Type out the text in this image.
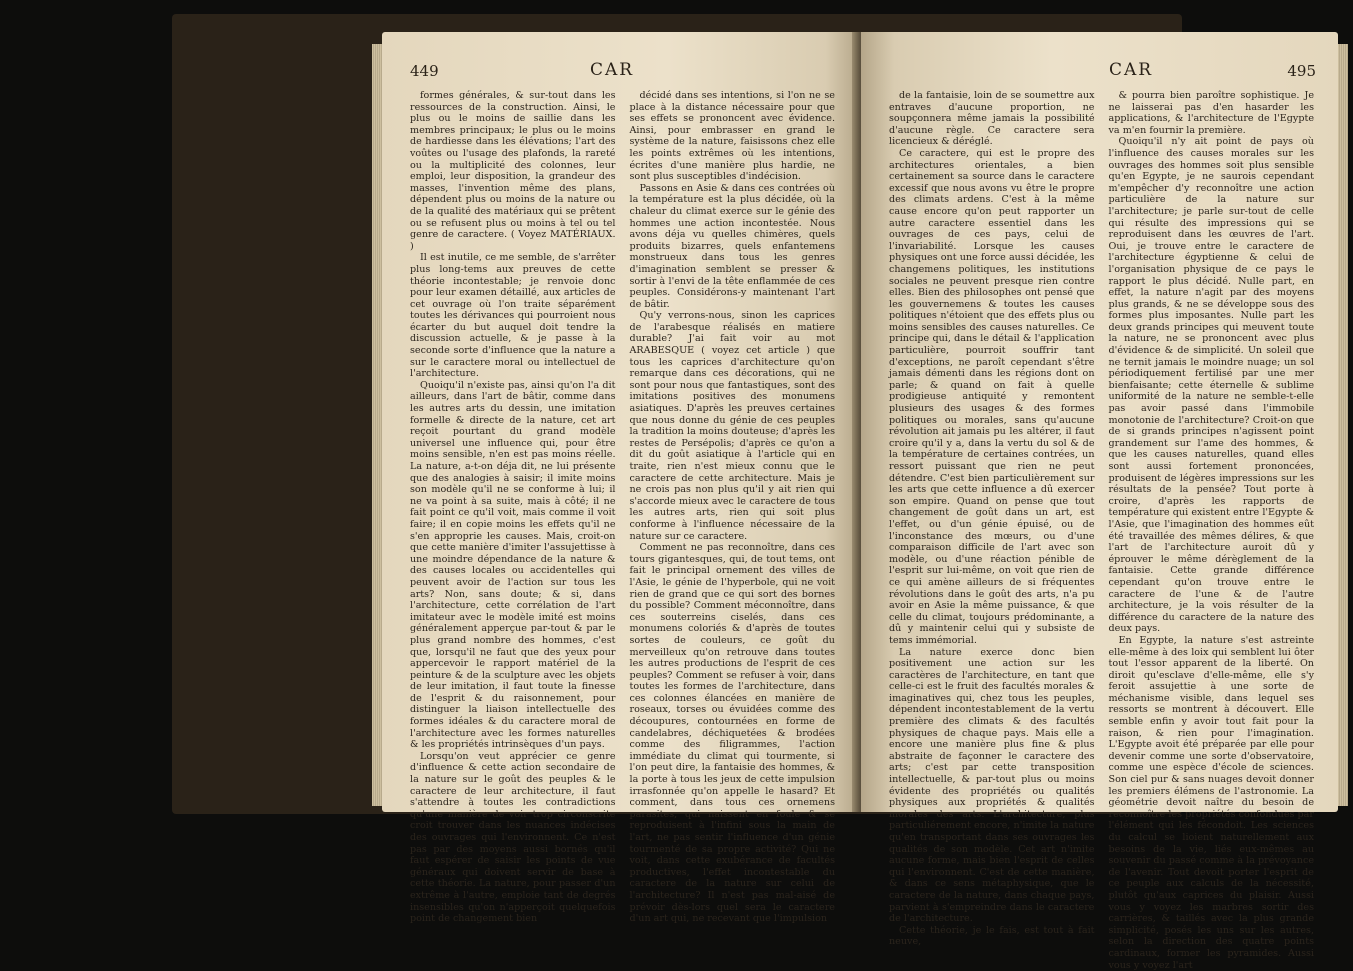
449	CAR

formes générales, & sur-tout dans les ressources de la construction. Ainsi, le plus ou le moins de saillie dans les membres principaux; le plus ou le moins de hardiesse dans les élévations; l'art des voûtes ou l'usage des plafonds, la rareté ou la multiplicité des colonnes, leur emploi, leur disposition, la grandeur des masses, l'invention même des plans, dépendent plus ou moins de la nature ou de la qualité des matériaux qui se prêtent ou se refusent plus ou moins à tel ou tel genre de caractere. ( Voyez MATÉRIAUX. )

Il est inutile, ce me semble, de s'arrêter plus long-tems aux preuves de cette théorie incontestable; je renvoie donc pour leur examen détaillé, aux articles de cet ouvrage où l'on traite séparément toutes les dérivances qui pourroient nous écarter du but auquel doit tendre la discussion actuelle, & je passe à la seconde sorte d'influence que la nature a sur le caractere moral ou intellectuel de l'architecture.

Quoiqu'il n'existe pas, ainsi qu'on l'a dit ailleurs, dans l'art de bâtir, comme dans les autres arts du dessin, une imitation formelle & directe de la nature, cet art reçoit pourtant du grand modèle universel une influence qui, pour être moins sensible, n'en est pas moins réelle. La nature, a-t-on déja dit, ne lui présente que des analogies à saisir; il imite moins son modèle qu'il ne se conforme à lui; il ne va point à sa suite, mais à côté; il ne fait point ce qu'il voit, mais comme il voit faire; il en copie moins les effets qu'il ne s'en approprie les causes. Mais, croit-on que cette manière d'imiter l'assujettisse à une moindre dépendance de la nature & des causes locales ou accidentelles qui peuvent avoir de l'action sur tous les arts? Non, sans doute; & si, dans l'architecture, cette corrélation de l'art imitateur avec le modèle imité est moins généralement apperçue par-tout & par le plus grand nombre des hommes, c'est que, lorsqu'il ne faut que des yeux pour appercevoir le rapport matériel de la peinture & de la sculpture avec les objets de leur imitation, il faut toute la finesse de l'esprit & du raisonnement, pour distinguer la liaison intellectuelle des formes idéales & du caractere moral de l'architecture avec les formes naturelles & les propriétés intrinsèques d'un pays.

Lorsqu'on veut apprécier ce genre d'influence & cette action secondaire de la nature sur le goût des peuples & le caractere de leur architecture, il faut s'attendre à toutes les contradictions qu'une manière de voir trop circonscrite croit trouver dans les nuances indécises des ouvrages qui l'environnent. Ce n'est pas par des moyens aussi bornés qu'il faut espérer de saisir les points de vue généraux qui doivent servir de base à cette théorie. La nature, pour passer d'un extrême à l'autre, emploie tant de degrés insensibles qu'on n'apperçoit quelquefois point de changement bien

décidé dans ses intentions, si l'on ne se place à la distance nécessaire pour que ses effets se prononcent avec évidence. Ainsi, pour embrasser en grand le système de la nature, faisissons chez elle les points extrêmes où les intentions, écrites d'une manière plus hardie, ne sont plus susceptibles d'indécision.

Passons en Asie & dans ces contrées où la température est la plus décidée, où la chaleur du climat exerce sur le génie des hommes une action incontestée. Nous avons déja vu quelles chimères, quels produits bizarres, quels enfantemens monstrueux dans tous les genres d'imagination semblent se presser & sortir à l'envi de la tête enflammée de ces peuples. Considérons-y maintenant l'art de bâtir.

Qu'y verrons-nous, sinon les caprices de l'arabesque réalisés en matiere durable? J'ai fait voir au mot ARABESQUE ( voyez cet article ) que tous les caprices d'architecture qu'on remarque dans ces décorations, qui ne sont pour nous que fantastiques, sont des imitations positives des monumens asiatiques. D'après les preuves certaines que nous donne du génie de ces peuples la tradition la moins douteuse; d'après les restes de Persépolis; d'après ce qu'on a dit du goût asiatique à l'article qui en traite, rien n'est mieux connu que le caractere de cette architecture. Mais je ne crois pas non plus qu'il y ait rien qui s'accorde mieux avec le caractere de tous les autres arts, rien qui soit plus conforme à l'influence nécessaire de la nature sur ce caractere.

Comment ne pas reconnoître, dans ces tours gigantesques, qui, de tout tems, ont fait le principal ornement des villes de l'Asie, le génie de l'hyperbole, qui ne voit rien de grand que ce qui sort des bornes du possible? Comment méconnoître, dans ces souterreins ciselés, dans ces monumens coloriés & d'après de toutes sortes de couleurs, ce goût du merveilleux qu'on retrouve dans toutes les autres productions de l'esprit de ces peuples? Comment se refuser à voir, dans toutes les formes de l'architecture, dans ces colonnes élancées en manière de roseaux, torses ou évuidées comme des découpures, contournées en forme de candelabres, déchiquetées & brodées comme des filigrammes, l'action immédiate du climat qui tourmente, si l'on peut dire, la fantaisie des hommes, & la porte à tous les jeux de cette impulsion irrasfonnée qu'on appelle le hasard? Et comment, dans tous ces ornemens parasites, qui naissent en foule & se reproduisent à l'infini sous la main de l'art, ne pas sentir l'influence d'un génie tourmenté de sa propre activité? Qui ne voit, dans cette exubérance de facultés productives, l'effet incontestable du caractere de la nature sur celui de l'architecture? Il n'est pas mal-aisé de prévoir dès-lors quel sera le caractere d'un art qui, ne recevant que l'impulsion

CAR	495

de la fantaisie, loin de se soumettre aux entraves d'aucune proportion, ne soupçonnera même jamais la possibilité d'aucune règle. Ce caractere sera licencieux & déréglé.

Ce caractere, qui est le propre des architectures orientales, a bien certainement sa source dans le caractere excessif que nous avons vu être le propre des climats ardens. C'est à la même cause encore qu'on peut rapporter un autre caractere essentiel dans les ouvrages de ces pays, celui de l'invariabilité. Lorsque les causes physiques ont une force aussi décidée, les changemens politiques, les institutions sociales ne peuvent presque rien contre elles. Bien des philosophes ont pensé que les gouvernemens & toutes les causes politiques n'étoient que des effets plus ou moins sensibles des causes naturelles. Ce principe qui, dans le détail & l'application particulière, pourroit souffrir tant d'exceptions, ne paroît cependant s'être jamais démenti dans les régions dont on parle; & quand on fait à quelle prodigieuse antiquité y remontent plusieurs des usages & des formes politiques ou morales, sans qu'aucune révolution ait jamais pu les altérer, il faut croire qu'il y a, dans la vertu du sol & de la température de certaines contrées, un ressort puissant que rien ne peut détendre. C'est bien particulièrement sur les arts que cette influence a dû exercer son empire. Quand on pense que tout changement de goût dans un art, est l'effet, ou d'un génie épuisé, ou de l'inconstance des mœurs, ou d'une comparaison difficile de l'art avec son modèle, ou d'une réaction pénible de l'esprit sur lui-même, on voit que rien de ce qui amène ailleurs de si fréquentes révolutions dans le goût des arts, n'a pu avoir en Asie la même puissance, & que celle du climat, toujours prédominante, a dû y maintenir celui qui y subsiste de tems immémorial.

La nature exerce donc bien positivement une action sur les caractères de l'architecture, en tant que celle-ci est le fruit des facultés morales & imaginatives qui, chez tous les peuples, dépendent incontestablement de la vertu première des climats & des facultés physiques de chaque pays. Mais elle a encore une manière plus fine & plus abstraite de façonner le caractere des arts; c'est par cette transposition intellectuelle, & par-tout plus ou moins évidente des propriétés ou qualités physiques aux propriétés & qualités morales des arts. L'architecture, plus particuliérement encore, n'imite la nature qu'en transportant dans ses ouvrages les qualités de son modèle. Cet art n'imite aucune forme, mais bien l'esprit de celles qui l'environnent. C'est de cette manière, & dans ce sens métaphysique, que le caractere de la nature, dans chaque pays, parvient à s'empreindre dans le caractere de l'architecture.

Cette théorie, je le fais, est tout à fait neuve,

& pourra bien paroître sophistique. Je ne laisserai pas d'en hasarder les applications, & l'architecture de l'Egypte va m'en fournir la première.

Quoiqu'il n'y ait point de pays où l'influence des causes morales sur les ouvrages des hommes soit plus sensible qu'en Egypte, je ne saurois cependant m'empêcher d'y reconnoître une action particulière de la nature sur l'architecture; je parle sur-tout de celle qui résulte des impressions qui se reproduisent dans les œuvres de l'art. Oui, je trouve entre le caractere de l'architecture égyptienne & celui de l'organisation physique de ce pays le rapport le plus décidé. Nulle part, en effet, la nature n'agit par des moyens plus grands, & ne se développe sous des formes plus imposantes. Nulle part les deux grands principes qui meuvent toute la nature, ne se prononcent avec plus d'évidence & de simplicité. Un soleil que ne ternit jamais le moindre nuage; un sol périodiquement fertilisé par une mer bienfaisante; cette éternelle & sublime uniformité de la nature ne semble-t-elle pas avoir passé dans l'immobile monotonie de l'architecture? Croit-on que de si grands principes n'agissent point grandement sur l'ame des hommes, & que les causes naturelles, quand elles sont aussi fortement prononcées, produisent de légères impressions sur les résultats de la pensée? Tout porte à croire, d'après les rapports de température qui existent entre l'Egypte & l'Asie, que l'imagination des hommes eût été travaillée des mêmes délires, & que l'art de l'architecture auroit dû y éprouver le même dérèglement de la fantaisie. Cette grande différence cependant qu'on trouve entre le caractere de l'une & de l'autre architecture, je la vois résulter de la différence du caractere de la nature des deux pays.

En Egypte, la nature s'est astreinte elle-même à des loix qui semblent lui ôter tout l'essor apparent de la liberté. On diroit qu'esclave d'elle-même, elle s'y feroit assujettie à une sorte de méchanisme visible, dans lequel ses ressorts se montrent à découvert. Elle semble enfin y avoir tout fait pour la raison, & rien pour l'imagination. L'Egypte avoit été préparée par elle pour devenir comme une sorte d'observatoire, comme une espèce d'école de sciences. Son ciel pur & sans nuages devoit donner les premiers élémens de l'astronomie. La géométrie devoit naître du besoin de reconnoître les propriétés confondues par l'élément qui les fécondoit. Les sciences du calcul se lioient naturellement aux besoins de la vie, liés eux-mêmes au souvenir du passé comme à la prévoyance de l'avenir. Tout devoit porter l'esprit de ce peuple aux calculs de la nécessité, plutôt qu'aux caprices du plaisir. Aussi vous y voyez les marbres sortir des carrières, & taillés avec la plus grande simplicité, posés les uns sur les autres, selon la direction des quatre points cardinaux, former les pyramides. Aussi vous y voyez l'art
